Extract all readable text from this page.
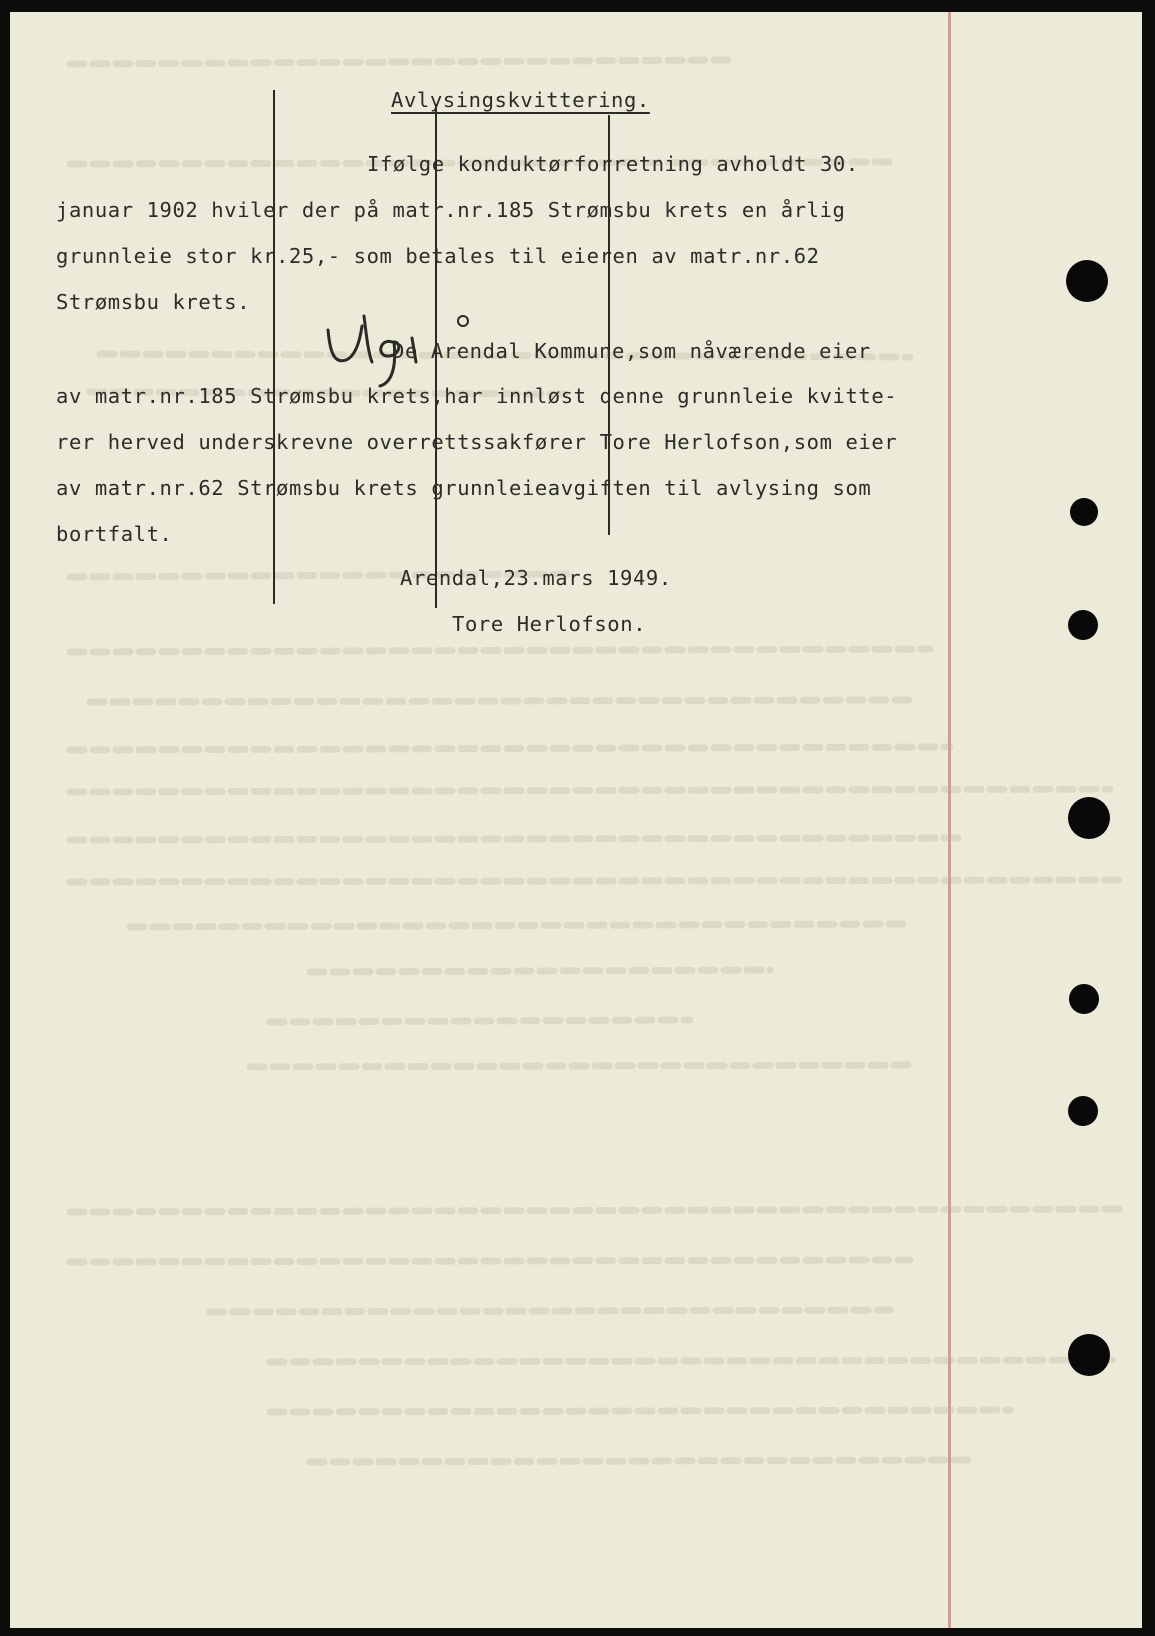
Avlysingskvittering.

Ifølge konduktørforretning avholdt 30.

januar 1902 hviler der på matr.nr.185 Strømsbu krets en årlig

grunnleie stor kr.25,- som betales til eieren av matr.nr.62

Strømsbu krets.

De Arendal Kommune,som nåværende eier

av matr.nr.185 Strømsbu krets,har innløst denne grunnleie kvitte-

rer herved underskrevne overrettssakfører Tore Herlofson,som eier

av matr.nr.62 Strømsbu krets grunnleieavgiften til avlysing som

bortfalt.

Arendal,23.mars 1949.

Tore Herlofson.
